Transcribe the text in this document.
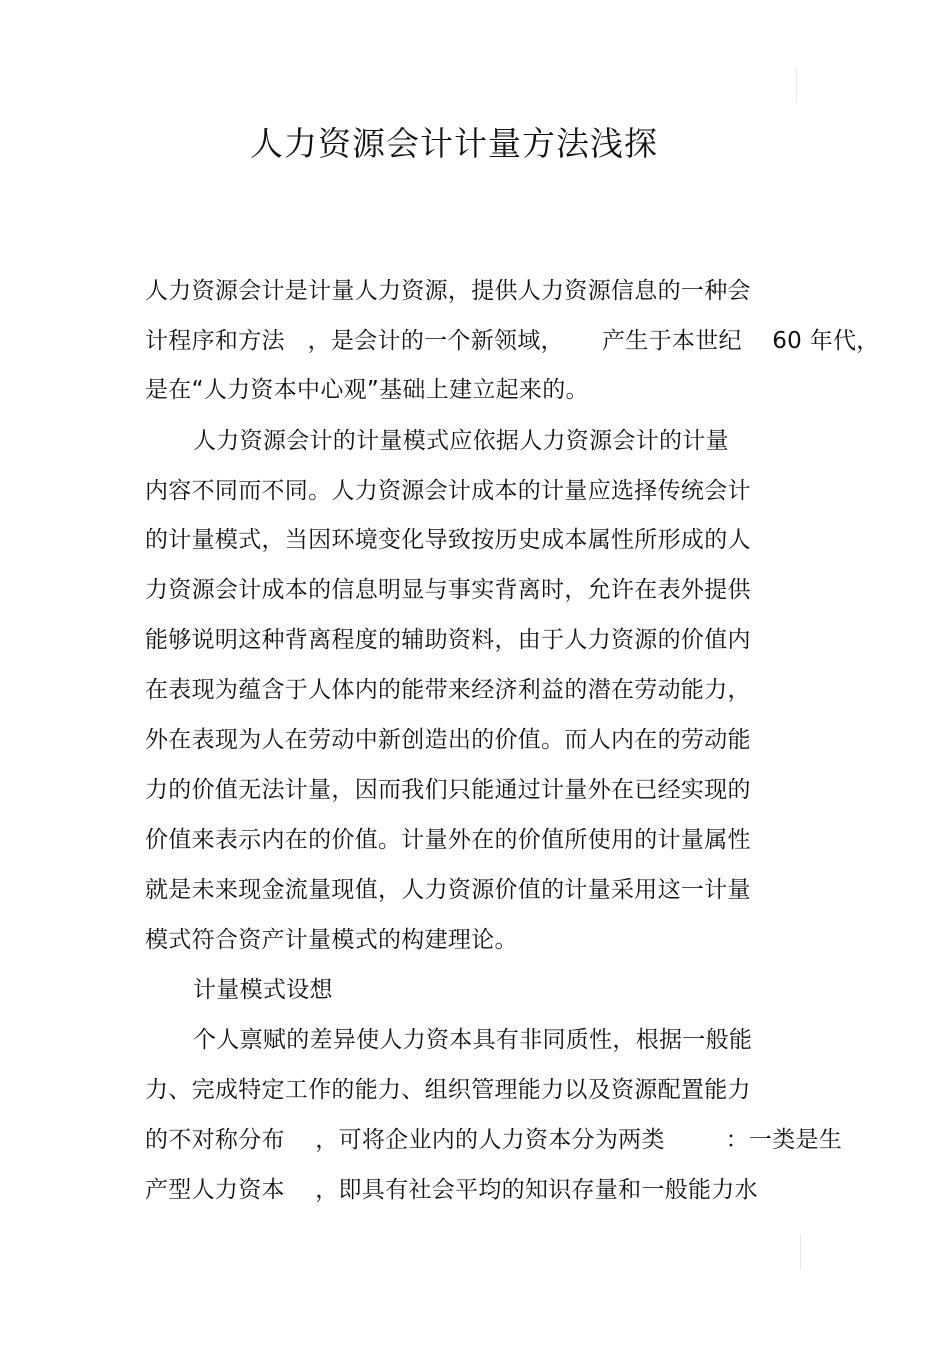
人力资源会计计量方法浅探
人力资源会计是计量人力资源，提供人力资源信息的一种会
计程序和方法   ，是会计的一个新领域，     产生于本世纪    60 年代，
是在“人力资本中心观”基础上建立起来的。
人力资源会计的计量模式应依据人力资源会计的计量
内容不同而不同。人力资源会计成本的计量应选择传统会计
的计量模式，当因环境变化导致按历史成本属性所形成的人
力资源会计成本的信息明显与事实背离时，允许在表外提供
能够说明这种背离程度的辅助资料，由于人力资源的价值内
在表现为蕴含于人体内的能带来经济利益的潜在劳动能力，
外在表现为人在劳动中新创造出的价值。而人内在的劳动能
力的价值无法计量，因而我们只能通过计量外在已经实现的
价值来表示内在的价值。计量外在的价值所使用的计量属性
就是未来现金流量现值，人力资源价值的计量采用这一计量
模式符合资产计量模式的构建理论。
计量模式设想
个人禀赋的差异使人力资本具有非同质性，根据一般能
力、完成特定工作的能力、组织管理能力以及资源配置能力
的不对称分布    ，可将企业内的人力资本分为两类        ：一类是生
产型人力资本    ，即具有社会平均的知识存量和一般能力水
